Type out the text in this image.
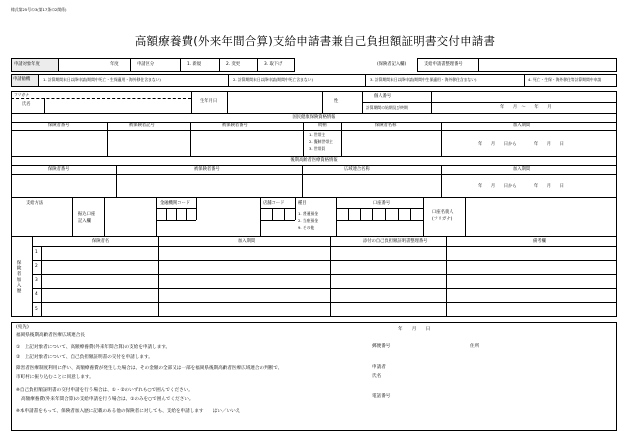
様式第25号の3(第17条の2関係)
高額療養費(外来年間合算)支給申請書兼自己負担額証明書交付申請書
申請対象年度	年度	申請区分	1. 新規	2. 変更	3. 取下げ	(保険者記入欄)	支給申請書整理番号
申請勧機	1. 計算期間末日以降申請(期間中死亡・生保適用・海外移住含まない)	2. 計算期間末日以降申請(期間中死亡含まない)	3. 計算期間末日以降申請(期間中生保適用・海外移住含まない)	4. 死亡・生保・海外移住等計算期間中申請
フリガナ
氏名
生年月日	性
個人番号
計算期間の始期及び終期	年　　月　～　　年　　月
国民健康保険資格情報
保険者番号	被保険者記号	被保険者番号	続柄	保険者名称	加入期間
1. 世帯主
2. 擬制世帯主
3. 世帯員
年　　月　　日から　　　　年　　月　　日
後期高齢者医療資格情報
保険者番号	被保険者番号	広域連合名称	加入期間
年　　月　　日から　　　　年　　月　　日
支給方法
振込口座
記入欄
金融機関コード	店舗コード	種目
1. 普通預金
2. 当座預金
9. その他
口座番号
口座名義人
(フリガナ)
保険者加入歴
保険者名	加入期間	添付の自己負担額証明書整理番号	備考欄
1
2
3
4
5
(宛先)
福岡県後期高齢者医療広域連合長
年　　月　　日
①　上記対象者について、高額療養費(外来年間合算)の支給を申請します。
②　上記対象者について、自己負担額証明書の交付を申請します。
障害者医療制度利用に伴い、高額療養費が発生した場合は、その金額の全部又は一部を福岡県後期高齢者医療広域連合の判断で、
市町村に振り込むことに同意します。
※自己負担額証明書の交付申請を行う場合は、①・②のいずれも○で囲んでください。
高額療養費(外来年間合算)の支給申請を行う場合は、①のみを○で囲んでください。
※本申請書をもって、保険者加入歴に記載のある他の保険者に対しても、支給を申請します　　はい／いいえ
郵便番号	住所
申請者
氏名
電話番号
